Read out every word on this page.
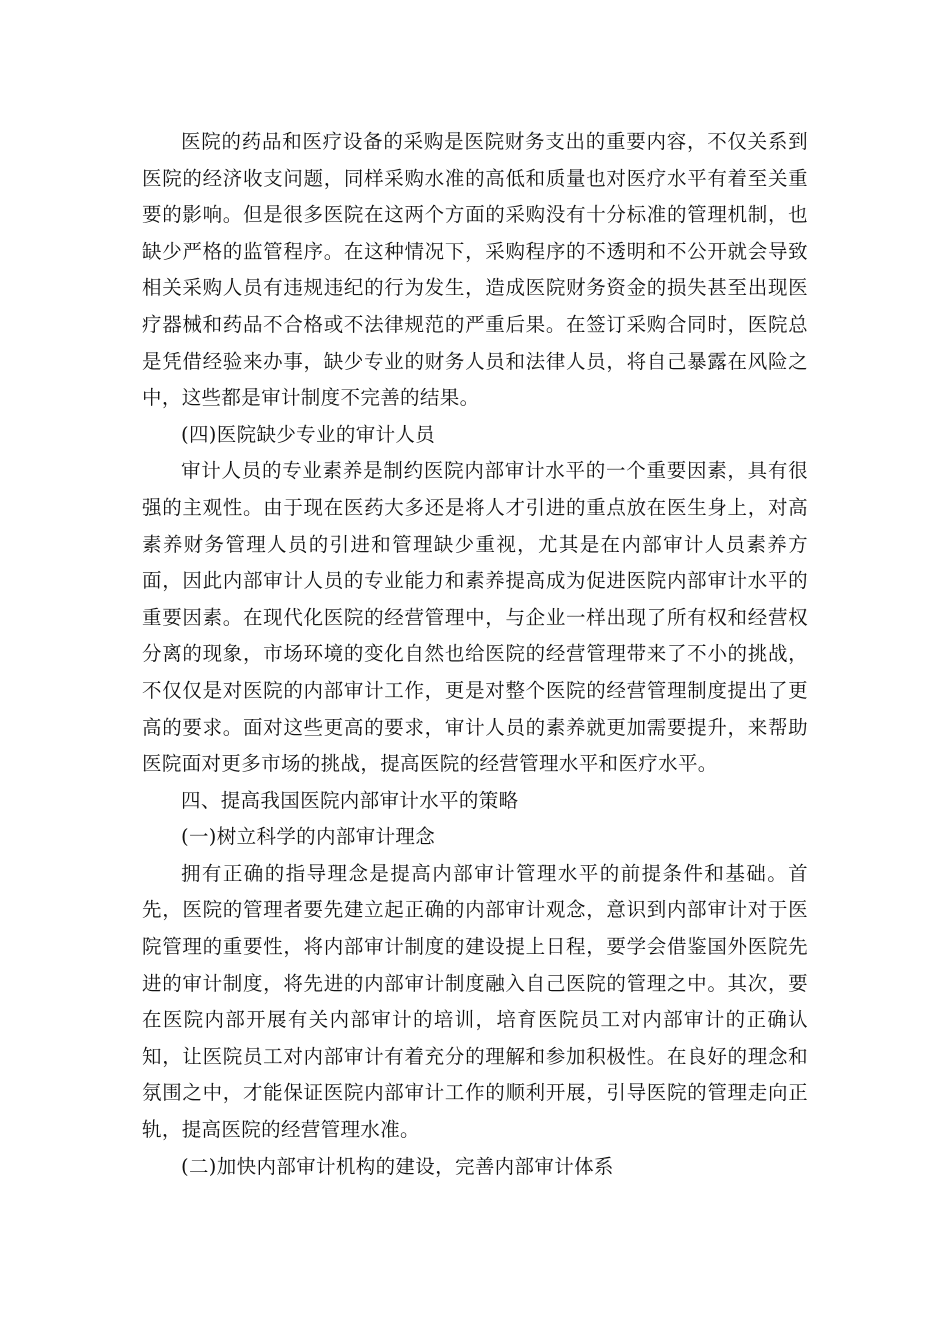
医院的药品和医疗设备的采购是医院财务支出的重要内容，不仅关系到医院的经济收支问题，同样采购水准的高低和质量也对医疗水平有着至关重要的影响。但是很多医院在这两个方面的采购没有十分标准的管理机制，也缺少严格的监管程序。在这种情况下，采购程序的不透明和不公开就会导致相关采购人员有违规违纪的行为发生，造成医院财务资金的损失甚至出现医疗器械和药品不合格或不法律规范的严重后果。在签订采购合同时，医院总是凭借经验来办事，缺少专业的财务人员和法律人员，将自己暴露在风险之中，这些都是审计制度不完善的结果。

(四)医院缺少专业的审计人员

审计人员的专业素养是制约医院内部审计水平的一个重要因素，具有很强的主观性。由于现在医药大多还是将人才引进的重点放在医生身上，对高素养财务管理人员的引进和管理缺少重视，尤其是在内部审计人员素养方面，因此内部审计人员的专业能力和素养提高成为促进医院内部审计水平的重要因素。在现代化医院的经营管理中，与企业一样出现了所有权和经营权分离的现象，市场环境的变化自然也给医院的经营管理带来了不小的挑战，不仅仅是对医院的内部审计工作，更是对整个医院的经营管理制度提出了更高的要求。面对这些更高的要求，审计人员的素养就更加需要提升，来帮助医院面对更多市场的挑战，提高医院的经营管理水平和医疗水平。

四、提高我国医院内部审计水平的策略

(一)树立科学的内部审计理念

拥有正确的指导理念是提高内部审计管理水平的前提条件和基础。首先，医院的管理者要先建立起正确的内部审计观念，意识到内部审计对于医院管理的重要性，将内部审计制度的建设提上日程，要学会借鉴国外医院先进的审计制度，将先进的内部审计制度融入自己医院的管理之中。其次，要在医院内部开展有关内部审计的培训，培育医院员工对内部审计的正确认知，让医院员工对内部审计有着充分的理解和参加积极性。在良好的理念和氛围之中，才能保证医院内部审计工作的顺利开展，引导医院的管理走向正轨，提高医院的经营管理水准。

(二)加快内部审计机构的建设，完善内部审计体系
